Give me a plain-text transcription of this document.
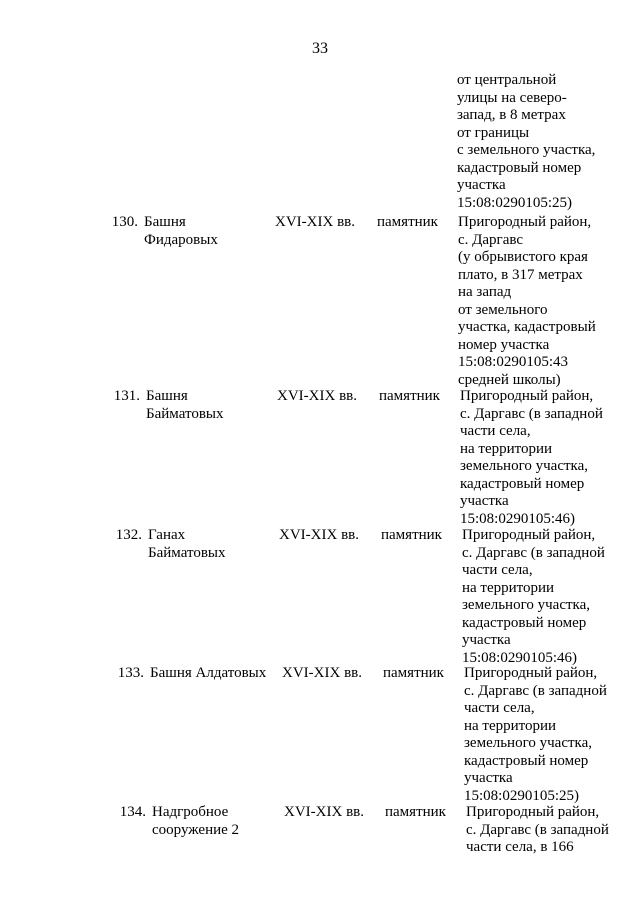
33
от центральной
улицы на северо-
запад, в 8 метрах
от границы
с земельного участка,
кадастровый номер
участка
15:08:0290105:25)
130. Башня
Фидаровых
XVI-XIX вв. памятник Пригородный район,
с. Даргавс
(у обрывистого края
плато, в 317 метрах
на запад
от земельного
участка, кадастровый
номер участка
15:08:0290105:43
средней школы)
131. Башня
Байматовых
XVI-XIX вв. памятник Пригородный район,
с. Даргавс (в западной
части села,
на территории
земельного участка,
кадастровый номер
участка
15:08:0290105:46)
132. Ганах
Байматовых
XVI-XIX вв. памятник Пригородный район,
с. Даргавс (в западной
части села,
на территории
земельного участка,
кадастровый номер
участка
15:08:0290105:46)
133. Башня Алдатовых XVI-XIX вв. памятник Пригородный район,
с. Даргавс (в западной
части села,
на территории
земельного участка,
кадастровый номер
участка
15:08:0290105:25)
134. Надгробное
сооружение 2
XVI-XIX вв. памятник Пригородный район,
с. Даргавс (в западной
части села, в 166
